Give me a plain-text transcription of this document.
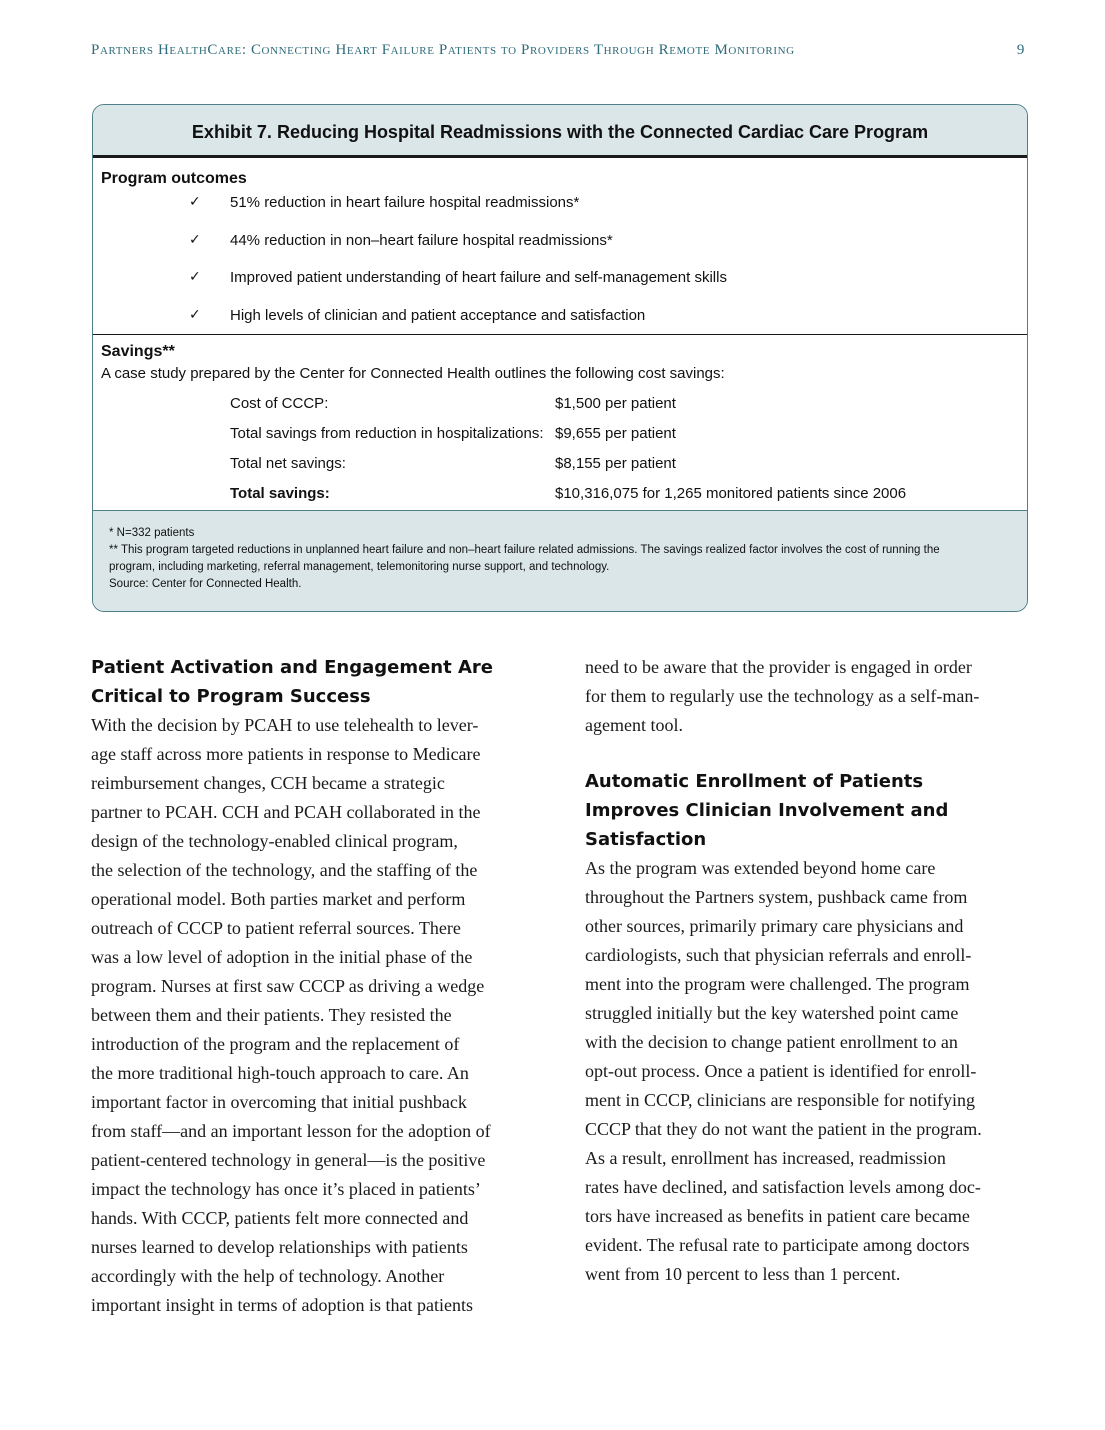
Partners HealthCare: Connecting Heart Failure Patients to Providers Through Remote Monitoring	9
Exhibit 7. Reducing Hospital Readmissions with the Connected Cardiac Care Program
Program outcomes
✓ 51% reduction in heart failure hospital readmissions*
✓ 44% reduction in non–heart failure hospital readmissions*
✓ Improved patient understanding of heart failure and self-management skills
✓ High levels of clinician and patient acceptance and satisfaction
Savings**
A case study prepared by the Center for Connected Health outlines the following cost savings:
Cost of CCCP:	$1,500 per patient
Total savings from reduction in hospitalizations: $9,655 per patient
Total net savings:	$8,155 per patient
Total savings:	$10,316,075 for 1,265 monitored patients since 2006
* N=332 patients
** This program targeted reductions in unplanned heart failure and non–heart failure related admissions. The savings realized factor involves the cost of running the
program, including marketing, referral management, telemonitoring nurse support, and technology.
Source: Center for Connected Health.
Patient Activation and Engagement Are
Critical to Program Success
With the decision by PCAH to use telehealth to lever-
age staff across more patients in response to Medicare
reimbursement changes, CCH became a strategic
partner to PCAH. CCH and PCAH collaborated in the
design of the technology-enabled clinical program,
the selection of the technology, and the staffing of the
operational model. Both parties market and perform
outreach of CCCP to patient referral sources. There
was a low level of adoption in the initial phase of the
program. Nurses at first saw CCCP as driving a wedge
between them and their patients. They resisted the
introduction of the program and the replacement of
the more traditional high-touch approach to care. An
important factor in overcoming that initial pushback
from staff—and an important lesson for the adoption of
patient-centered technology in general—is the positive
impact the technology has once it’s placed in patients’
hands. With CCCP, patients felt more connected and
nurses learned to develop relationships with patients
accordingly with the help of technology. Another
important insight in terms of adoption is that patients
need to be aware that the provider is engaged in order
for them to regularly use the technology as a self-man-
agement tool.
Automatic Enrollment of Patients
Improves Clinician Involvement and
Satisfaction
As the program was extended beyond home care
throughout the Partners system, pushback came from
other sources, primarily primary care physicians and
cardiologists, such that physician referrals and enroll-
ment into the program were challenged. The program
struggled initially but the key watershed point came
with the decision to change patient enrollment to an
opt-out process. Once a patient is identified for enroll-
ment in CCCP, clinicians are responsible for notifying
CCCP that they do not want the patient in the program.
As a result, enrollment has increased, readmission
rates have declined, and satisfaction levels among doc-
tors have increased as benefits in patient care became
evident. The refusal rate to participate among doctors
went from 10 percent to less than 1 percent.
